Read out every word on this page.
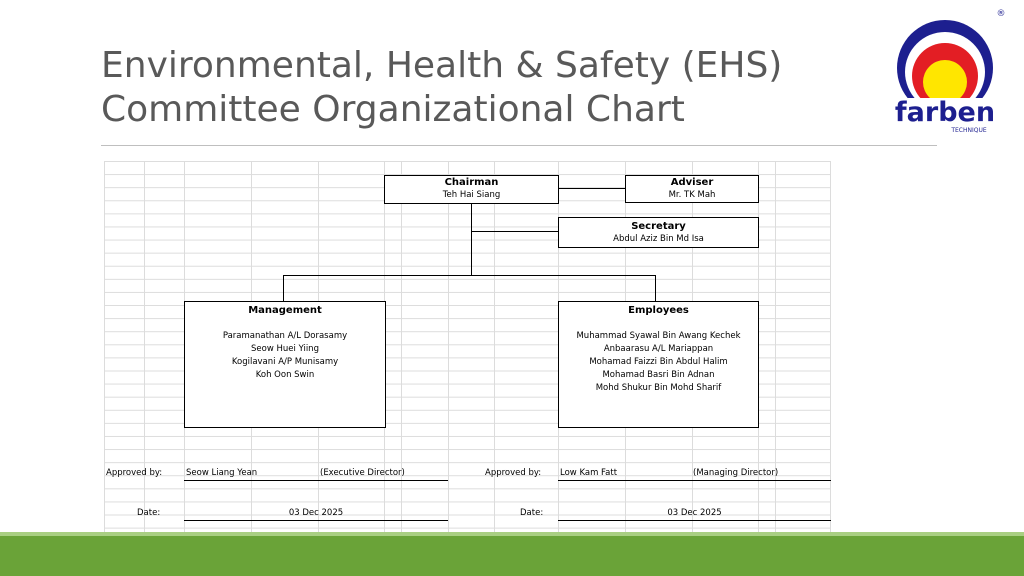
Environmental, Health & Safety (EHS)
Committee Organizational Chart	farben
TECHNIQUE
®
Chairman
Teh Hai Siang
Adviser
Mr. TK Mah
Secretary
Abdul Aziz Bin Md Isa
Management
Paramanathan A/L Dorasamy
Seow Huei Yiing
Kogilavani A/P Munisamy
Koh Oon Swin
Employees
Muhammad Syawal Bin Awang Kechek
Anbaarasu A/L Mariappan
Mohamad Faizzi Bin Abdul Halim
Mohamad Basri Bin Adnan
Mohd Shukur Bin Mohd Sharif
Approved by:	Seow Liang Yean	(Executive Director)	Approved by: Low Kam Fatt	(Managing Director)
Date:	03 Dec 2025	Date:	03 Dec 2025
